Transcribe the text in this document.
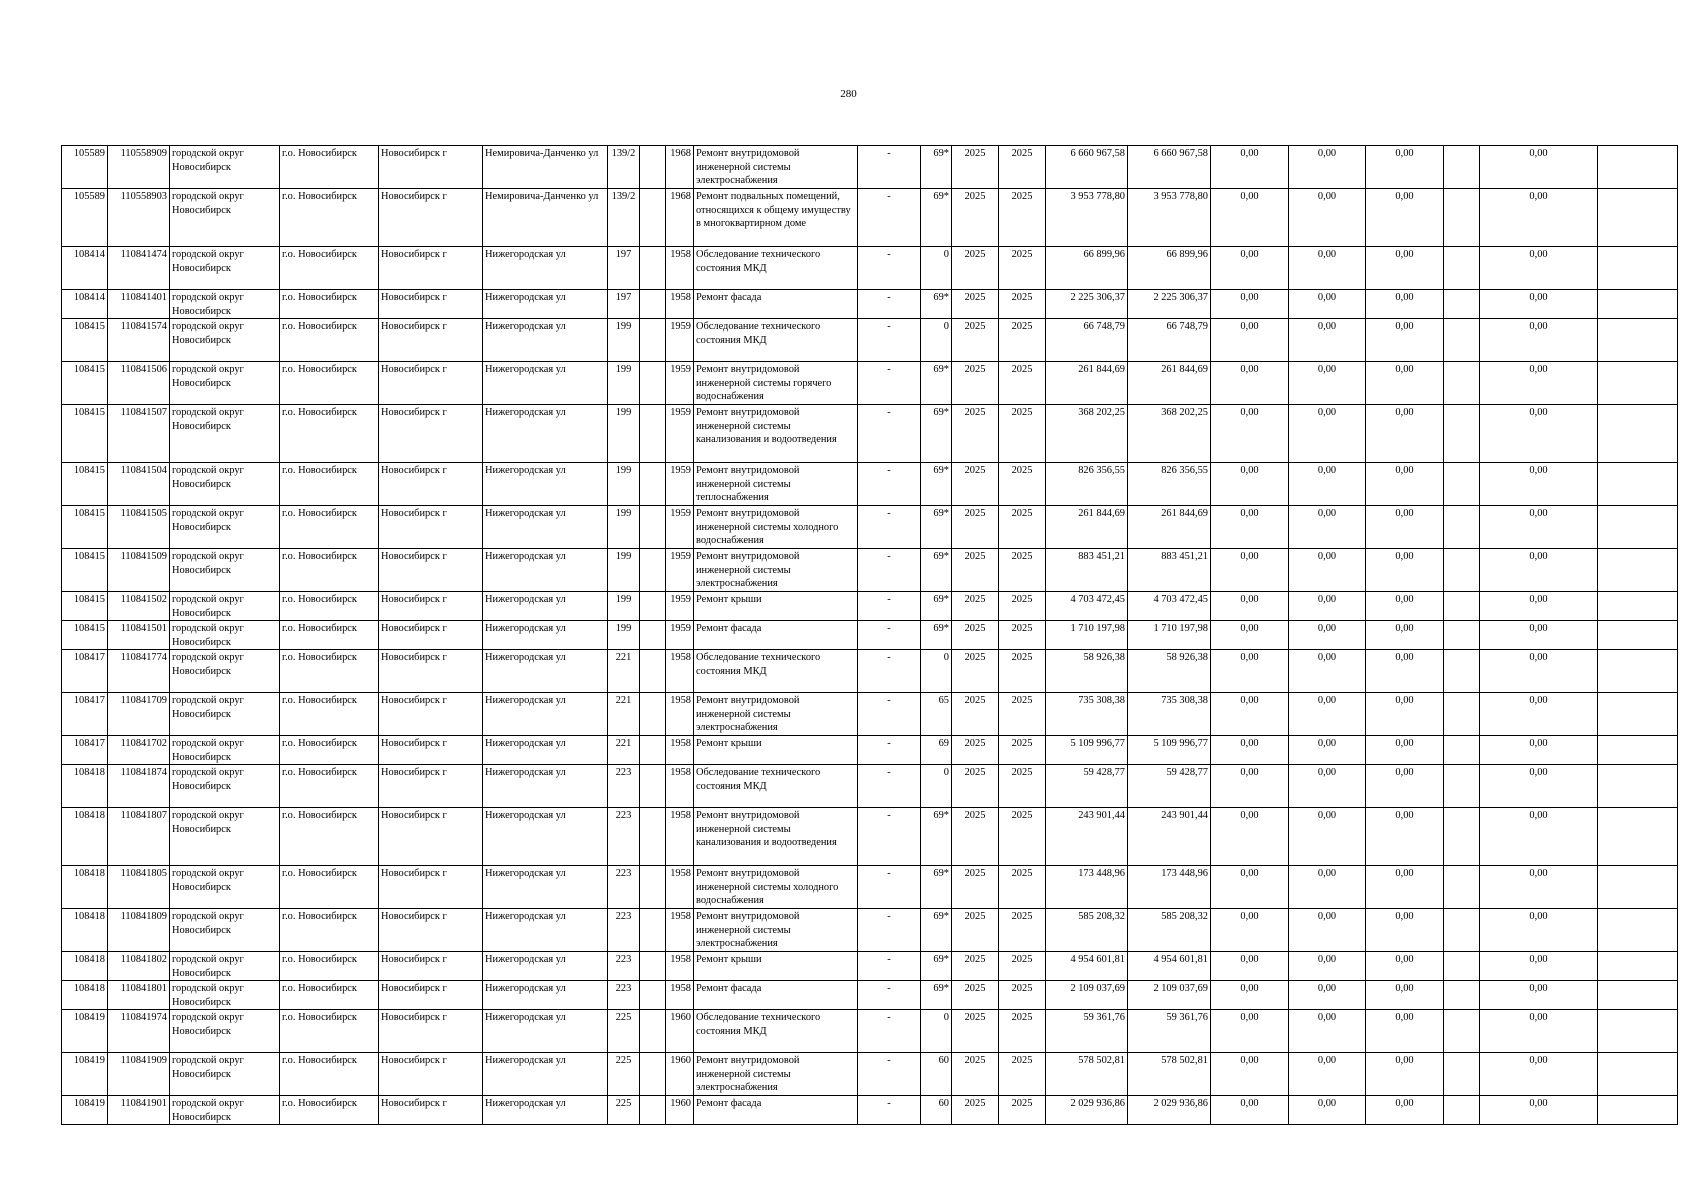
280
105589	110558909	городской округ Новосибирск	г.о. Новосибирск	Новосибирск г	Немировича-Данченко ул	139/2		1968	Ремонт внутридомовой инженерной системы электроснабжения	-	69*	2025	2025	6 660 967,58	6 660 967,58	0,00	0,00	0,00		0,00	
105589	110558903	городской округ Новосибирск	г.о. Новосибирск	Новосибирск г	Немировича-Данченко ул	139/2		1968	Ремонт подвальных помещений, относящихся к общему имуществу в многоквартирном доме	-	69*	2025	2025	3 953 778,80	3 953 778,80	0,00	0,00	0,00		0,00	
108414	110841474	городской округ Новосибирск	г.о. Новосибирск	Новосибирск г	Нижегородская ул	197		1958	Обследование технического состояния МКД	-	0	2025	2025	66 899,96	66 899,96	0,00	0,00	0,00		0,00	
108414	110841401	городской округ Новосибирск	г.о. Новосибирск	Новосибирск г	Нижегородская ул	197		1958	Ремонт фасада	-	69*	2025	2025	2 225 306,37	2 225 306,37	0,00	0,00	0,00		0,00	
108415	110841574	городской округ Новосибирск	г.о. Новосибирск	Новосибирск г	Нижегородская ул	199		1959	Обследование технического состояния МКД	-	0	2025	2025	66 748,79	66 748,79	0,00	0,00	0,00		0,00	
108415	110841506	городской округ Новосибирск	г.о. Новосибирск	Новосибирск г	Нижегородская ул	199		1959	Ремонт внутридомовой инженерной системы горячего водоснабжения	-	69*	2025	2025	261 844,69	261 844,69	0,00	0,00	0,00		0,00	
108415	110841507	городской округ Новосибирск	г.о. Новосибирск	Новосибирск г	Нижегородская ул	199		1959	Ремонт внутридомовой инженерной системы канализования и водоотведения	-	69*	2025	2025	368 202,25	368 202,25	0,00	0,00	0,00		0,00	
108415	110841504	городской округ Новосибирск	г.о. Новосибирск	Новосибирск г	Нижегородская ул	199		1959	Ремонт внутридомовой инженерной системы теплоснабжения	-	69*	2025	2025	826 356,55	826 356,55	0,00	0,00	0,00		0,00	
108415	110841505	городской округ Новосибирск	г.о. Новосибирск	Новосибирск г	Нижегородская ул	199		1959	Ремонт внутридомовой инженерной системы холодного водоснабжения	-	69*	2025	2025	261 844,69	261 844,69	0,00	0,00	0,00		0,00	
108415	110841509	городской округ Новосибирск	г.о. Новосибирск	Новосибирск г	Нижегородская ул	199		1959	Ремонт внутридомовой инженерной системы электроснабжения	-	69*	2025	2025	883 451,21	883 451,21	0,00	0,00	0,00		0,00	
108415	110841502	городской округ Новосибирск	г.о. Новосибирск	Новосибирск г	Нижегородская ул	199		1959	Ремонт крыши	-	69*	2025	2025	4 703 472,45	4 703 472,45	0,00	0,00	0,00		0,00	
108415	110841501	городской округ Новосибирск	г.о. Новосибирск	Новосибирск г	Нижегородская ул	199		1959	Ремонт фасада	-	69*	2025	2025	1 710 197,98	1 710 197,98	0,00	0,00	0,00		0,00	
108417	110841774	городской округ Новосибирск	г.о. Новосибирск	Новосибирск г	Нижегородская ул	221		1958	Обследование технического состояния МКД	-	0	2025	2025	58 926,38	58 926,38	0,00	0,00	0,00		0,00	
108417	110841709	городской округ Новосибирск	г.о. Новосибирск	Новосибирск г	Нижегородская ул	221		1958	Ремонт внутридомовой инженерной системы электроснабжения	-	65	2025	2025	735 308,38	735 308,38	0,00	0,00	0,00		0,00	
108417	110841702	городской округ Новосибирск	г.о. Новосибирск	Новосибирск г	Нижегородская ул	221		1958	Ремонт крыши	-	69	2025	2025	5 109 996,77	5 109 996,77	0,00	0,00	0,00		0,00	
108418	110841874	городской округ Новосибирск	г.о. Новосибирск	Новосибирск г	Нижегородская ул	223		1958	Обследование технического состояния МКД	-	0	2025	2025	59 428,77	59 428,77	0,00	0,00	0,00		0,00	
108418	110841807	городской округ Новосибирск	г.о. Новосибирск	Новосибирск г	Нижегородская ул	223		1958	Ремонт внутридомовой инженерной системы канализования и водоотведения	-	69*	2025	2025	243 901,44	243 901,44	0,00	0,00	0,00		0,00	
108418	110841805	городской округ Новосибирск	г.о. Новосибирск	Новосибирск г	Нижегородская ул	223		1958	Ремонт внутридомовой инженерной системы холодного водоснабжения	-	69*	2025	2025	173 448,96	173 448,96	0,00	0,00	0,00		0,00	
108418	110841809	городской округ Новосибирск	г.о. Новосибирск	Новосибирск г	Нижегородская ул	223		1958	Ремонт внутридомовой инженерной системы электроснабжения	-	69*	2025	2025	585 208,32	585 208,32	0,00	0,00	0,00		0,00	
108418	110841802	городской округ Новосибирск	г.о. Новосибирск	Новосибирск г	Нижегородская ул	223		1958	Ремонт крыши	-	69*	2025	2025	4 954 601,81	4 954 601,81	0,00	0,00	0,00		0,00	
108418	110841801	городской округ Новосибирск	г.о. Новосибирск	Новосибирск г	Нижегородская ул	223		1958	Ремонт фасада	-	69*	2025	2025	2 109 037,69	2 109 037,69	0,00	0,00	0,00		0,00	
108419	110841974	городской округ Новосибирск	г.о. Новосибирск	Новосибирск г	Нижегородская ул	225		1960	Обследование технического состояния МКД	-	0	2025	2025	59 361,76	59 361,76	0,00	0,00	0,00		0,00	
108419	110841909	городской округ Новосибирск	г.о. Новосибирск	Новосибирск г	Нижегородская ул	225		1960	Ремонт внутридомовой инженерной системы электроснабжения	-	60	2025	2025	578 502,81	578 502,81	0,00	0,00	0,00		0,00	
108419	110841901	городской округ Новосибирск	г.о. Новосибирск	Новосибирск г	Нижегородская ул	225		1960	Ремонт фасада	-	60	2025	2025	2 029 936,86	2 029 936,86	0,00	0,00	0,00		0,00	
